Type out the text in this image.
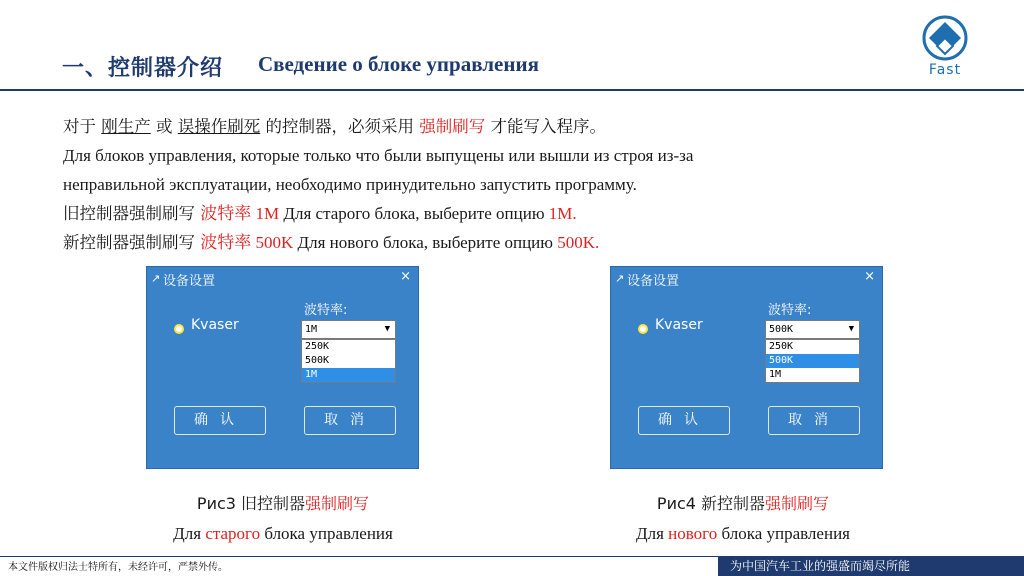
一、控制器介绍 Сведение о блоке управления	Fast
对于 刚生产 或 误操作刷死 的控制器，必须采用 强制刷写 才能写入程序。
Для блоков управления, которые только что были выпущены или вышли из строя из-за
неправильной эксплуатации, необходимо принудительно запустить программу.
旧控制器强制刷写 波特率 1M Для старого блока, выберите опцию 1M.
新控制器强制刷写 波特率 500K Для нового блока, выберите опцию 500K.
↗ 设备设置	×
Kvaser
波特率:
1M	▼
250K
500K
1M
确认	取消
↗ 设备设置	×
Kvaser
波特率:
500K	▼
250K
500K
1M
确认	取消
Рис3 旧控制器强制刷写
Для старого блока управления
Рис4 新控制器强制刷写
Для нового блока управления
本文件版权归法士特所有，未经许可，严禁外传。	为中国汽车工业的强盛而竭尽所能
